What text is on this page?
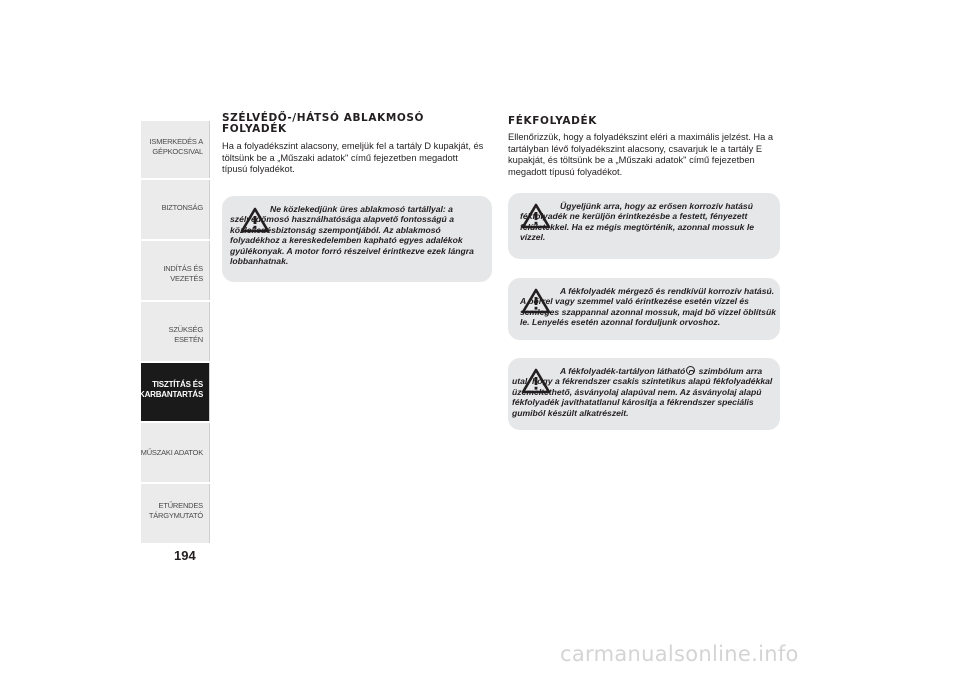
ISMERKEDÉS A GÉPKOCSIVAL
BIZTONSÁG
INDÍTÁS ÉS VEZETÉS
SZÜKSÉG ESETÉN
TISZTÍTÁS ÉS KARBANTARTÁS
MŰSZAKI ADATOK
ETŰRENDES TÁRGYMUTATÓ
194
SZÉLVÉDŐ-/HÁTSÓ ABLAKMOSÓ
FOLYADÉK

Ha a folyadékszint alacsony, emeljük fel a tartály D kupakját, és töltsünk be a „Műszaki adatok" című fejezetben megadott típusú folyadékot.

Ne közlekedjünk üres ablakmosó tartállyal: a szélvédőmosó használhatósága alapvető fontosságú a közlekedésbiztonság szempontjából. Az ablakmosó folyadékhoz a kereskedelemben kapható egyes adalékok gyúlékonyak. A motor forró részeivel érintkezve ezek lángra lobbanhatnak.

FÉKFOLYADÉK

Ellenőrizzük, hogy a folyadékszint eléri a maximális jelzést. Ha a tartályban lévő folyadékszint alacsony, csavarjuk le a tartály E kupakját, és töltsünk be a „Műszaki adatok" című fejezetben megadott típusú folyadékot.

Ügyeljünk arra, hogy az erősen korrozív hatású fékfolyadék ne kerüljön érintkezésbe a festett, fényezett felületekkel. Ha ez mégis megtörténik, azonnal mossuk le vízzel.

A fékfolyadék mérgező és rendkívül korrozív hatású. A bőrrel vagy szemmel való érintkezése esetén vízzel és semleges szappannal azonnal mossuk, majd bő vízzel öblítsük le. Lenyelés esetén azonnal forduljunk orvoshoz.

A fékfolyadék-tartályon látható szimbólum arra utal, hogy a fékrendszer csakis szintetikus alapú fékfolyadékkal üzemeltethető, ásványolaj alapúval nem. Az ásványolaj alapú fékfolyadék javíthatatlanul károsítja a fékrendszer speciális gumiból készült alkatrészeit.

carmanualsonline.info
